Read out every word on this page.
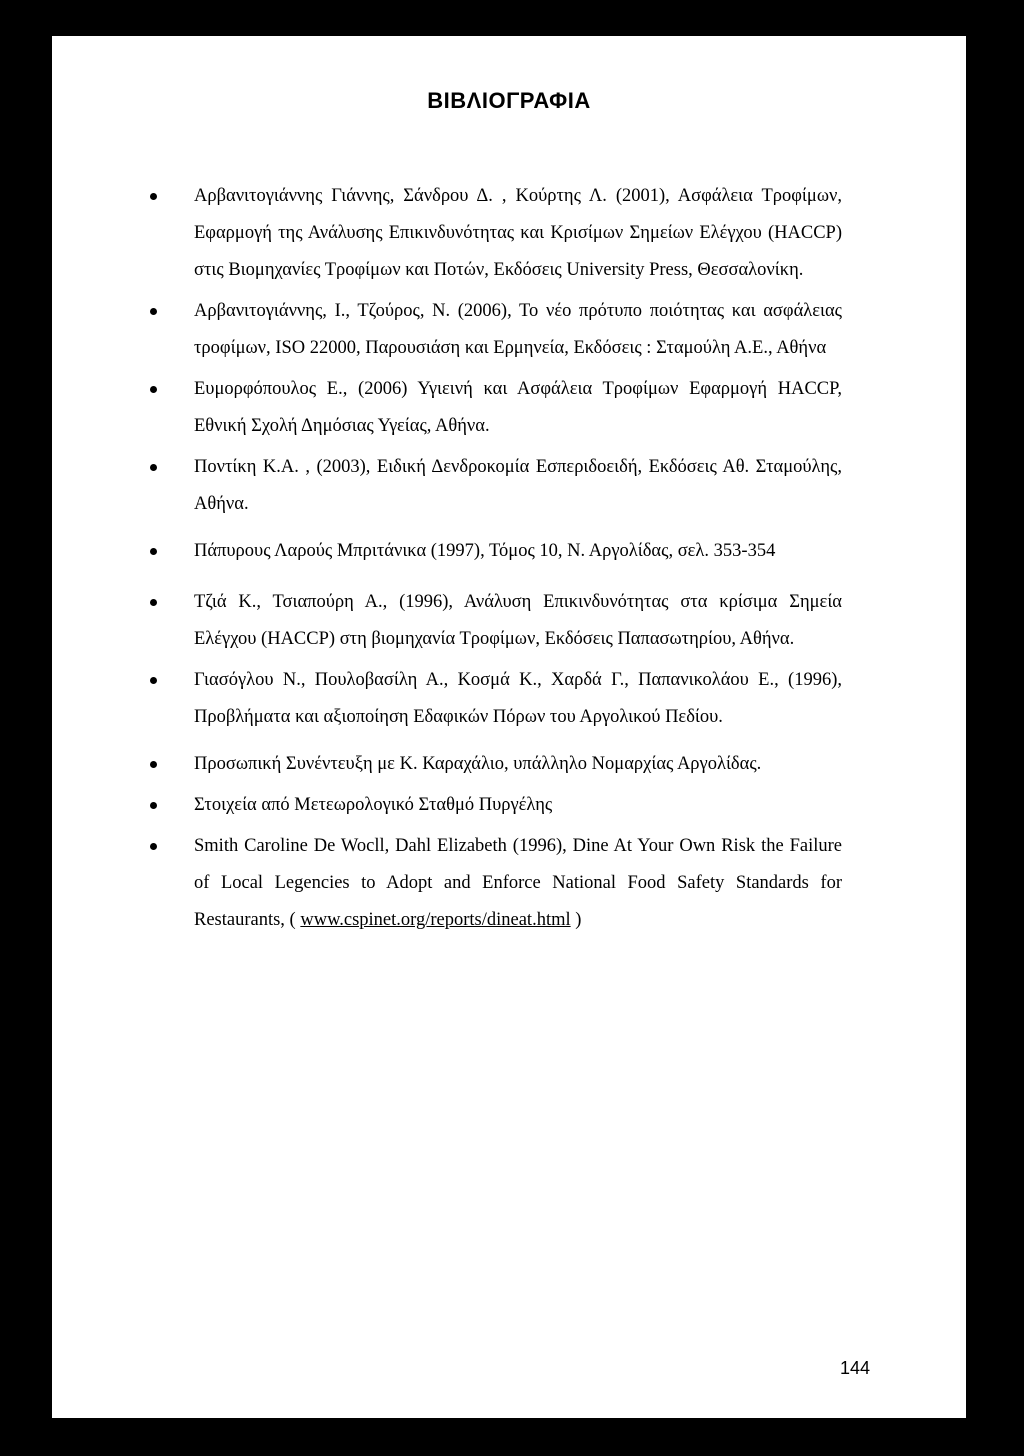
ΒΙΒΛΙΟΓΡΑΦΙΑ
Αρβανιτογιάννης Γιάννης, Σάνδρου Δ. , Κούρτης Λ. (2001), Ασφάλεια Τροφίμων, Εφαρμογή της Ανάλυσης Επικινδυνότητας και Κρισίμων Σημείων Ελέγχου (HACCP) στις Βιομηχανίες Τροφίμων και Ποτών, Εκδόσεις University Press, Θεσσαλονίκη.
Αρβανιτογιάννης, Ι., Τζούρος, Ν. (2006), Το νέο πρότυπο ποιότητας και ασφάλειας τροφίμων, ISO 22000, Παρουσιάση και Ερμηνεία, Εκδόσεις : Σταμούλη Α.Ε., Αθήνα
Ευμορφόπουλος Ε., (2006) Υγιεινή και Ασφάλεια Τροφίμων Εφαρμογή HACCP, Εθνική Σχολή Δημόσιας Υγείας, Αθήνα.
Ποντίκη Κ.Α. , (2003), Ειδική Δενδροκομία Εσπεριδοειδή, Εκδόσεις Αθ. Σταμούλης, Αθήνα.
Πάπυρους Λαρούς Μπριτάνικα (1997), Τόμος 10, Ν. Αργολίδας, σελ. 353-354
Τζιά Κ., Τσιαπούρη Α., (1996), Ανάλυση Επικινδυνότητας στα κρίσιμα Σημεία Ελέγχου (HACCP) στη βιομηχανία Τροφίμων, Εκδόσεις Παπασωτηρίου, Αθήνα.
Γιασόγλου Ν., Πουλοβασίλη Α., Κοσμά Κ., Χαρδά Γ., Παπανικολάου Ε., (1996), Προβλήματα και αξιοποίηση Εδαφικών Πόρων του Αργολικού Πεδίου.
Προσωπική Συνέντευξη με Κ. Καραχάλιο, υπάλληλο Νομαρχίας Αργολίδας.
Στοιχεία από Μετεωρολογικό Σταθμό Πυργέλης
Smith Caroline De Wocll, Dahl Elizabeth (1996), Dine At Your Own Risk the Failure of Local Legencies to Adopt and Enforce National Food Safety Standards for Restaurants, ( www.cspinet.org/reports/dineat.html )
144
